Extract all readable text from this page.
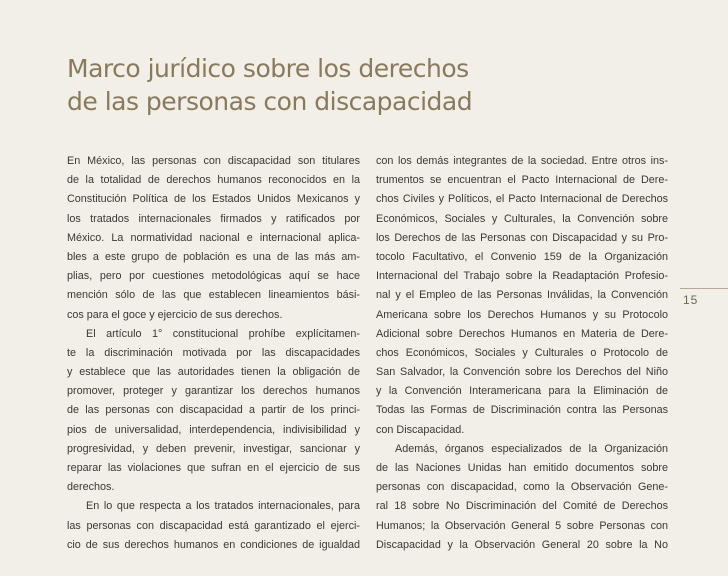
Marco jurídico sobre los derechos
de las personas con discapacidad
En México, las personas con discapacidad son titulares
de la totalidad de derechos humanos reconocidos en la
Constitución Política de los Estados Unidos Mexicanos y
los tratados internacionales firmados y ratificados por
México. La normatividad nacional e internacional aplica-
bles a este grupo de población es una de las más am-
plias, pero por cuestiones metodológicas aquí se hace
mención sólo de las que establecen lineamientos bási-
cos para el goce y ejercicio de sus derechos.
El artículo 1° constitucional prohíbe explícitamen-
te la discriminación motivada por las discapacidades
y establece que las autoridades tienen la obligación de
promover, proteger y garantizar los derechos humanos
de las personas con discapacidad a partir de los princi-
pios de universalidad, interdependencia, indivisibilidad y
progresividad, y deben prevenir, investigar, sancionar y
reparar las violaciones que sufran en el ejercicio de sus
derechos.
En lo que respecta a los tratados internacionales, para
las personas con discapacidad está garantizado el ejerci-
cio de sus derechos humanos en condiciones de igualdad
con los demás integrantes de la sociedad. Entre otros ins-
trumentos se encuentran el Pacto Internacional de Dere-
chos Civiles y Políticos, el Pacto Internacional de Derechos
Económicos, Sociales y Culturales, la Convención sobre
los Derechos de las Personas con Discapacidad y su Pro-
tocolo Facultativo, el Convenio 159 de la Organización
Internacional del Trabajo sobre la Readaptación Profesio-
nal y el Empleo de las Personas Inválidas, la Convención
Americana sobre los Derechos Humanos y su Protocolo
Adicional sobre Derechos Humanos en Materia de Dere-
chos Económicos, Sociales y Culturales o Protocolo de
San Salvador, la Convención sobre los Derechos del Niño
y la Convención Interamericana para la Eliminación de
Todas las Formas de Discriminación contra las Personas
con Discapacidad.
Además, órganos especializados de la Organización
de las Naciones Unidas han emitido documentos sobre
personas con discapacidad, como la Observación Gene-
ral 18 sobre No Discriminación del Comité de Derechos
Humanos; la Observación General 5 sobre Personas con
Discapacidad y la Observación General 20 sobre la No
15
